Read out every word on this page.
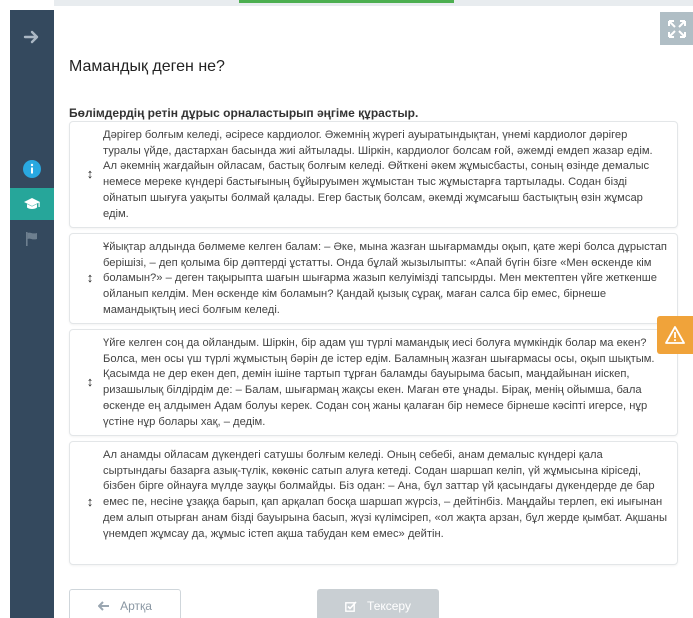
Мамандық деген не?
Бөлімдердің ретін дұрыс орналастырып әңгіме құрастыр.
↕
Дәрігер болғым келеді, әсіресе кардиолог. Әжемнің жүрегі ауыратындықтан, үнемі кардиолог дәрігер туралы үйде, дастархан басында жиі айтылады. Шіркін, кардиолог болсам ғой, әжемді емдеп жазар едім. Ал әкемнің жағдайын ойласам, бастық болғым келеді. Өйткені әкем жұмысбасты, соның өзінде демалыс немесе мереке күндері бастығының бұйыруымен жұмыстан тыс жұмыстарға тартылады. Содан бізді ойнатып шығуға уақыты болмай қалады. Егер бастық болсам, әкемді жұмсағыш бастықтың өзін жұмсар едім.
↕
Ұйықтар алдында бөлмеме келген балам: – Әке, мына жазған шығармамды оқып, қате жері болса дұрыстап берішізі, – деп қолыма бір дәптерді ұстатты. Онда бұлай жызылыпты: «Апай бүгін бізге «Мен өскенде кім боламын?» – деген тақырыпта шағын шығарма жазып келуімізді тапсырды. Мен мектептен үйге жеткенше ойланып келдім. Мен өскенде кім боламын? Қандай қызық сұрақ, маған салса бір емес, бірнеше мамандықтың иесі болғым келеді.
↕
Үйге келген соң да ойландым. Шіркін, бір адам үш түрлі мамандық иесі болуға мүмкіндік болар ма екен? Болса, мен осы үш түрлі жұмыстың бәрін де істер едім. Баламның жазған шығармасы осы, оқып шықтым. Қасымда не дер екен деп, демін ішіне тартып тұрған баламды бауырыма басып, маңдайынан иіскеп, ризашылық білдірдім де: – Балам, шығармаң жақсы екен. Маған өте ұнады. Бірақ, менің ойымша, бала өскенде ең алдымен Адам болуы керек. Содан соң жаны қалаған бір немесе бірнеше кәсіпті игерсе, нұр үстіне нұр болары хақ, – дедім.
↕
Ал анамды ойласам дүкендегі сатушы болғым келеді. Оның себебі, анам демалыс күндері қала сыртындағы базарға азық-түлік, көкөніс сатып алуға кетеді. Содан шаршап келіп, үй жұмысына кіріседі, бізбен бірге ойнауға мүлде зауқы болмайды. Біз одан: – Ана, бұл заттар үй қасындағы дүкендерде де бар емес пе, несіне ұзаққа барып, қап арқалап босқа шаршап жүрсіз, – дейтінбіз. Маңдайы терлеп, екі иығынан дем алып отырған анам бізді бауырына басып, жүзі күлімсіреп, «ол жақта арзан, бұл жерде қымбат. Ақшаны үнемдеп жұмсау да, жұмыс істеп ақша табудан кем емес» дейтін.
Артқа	Тексеру
